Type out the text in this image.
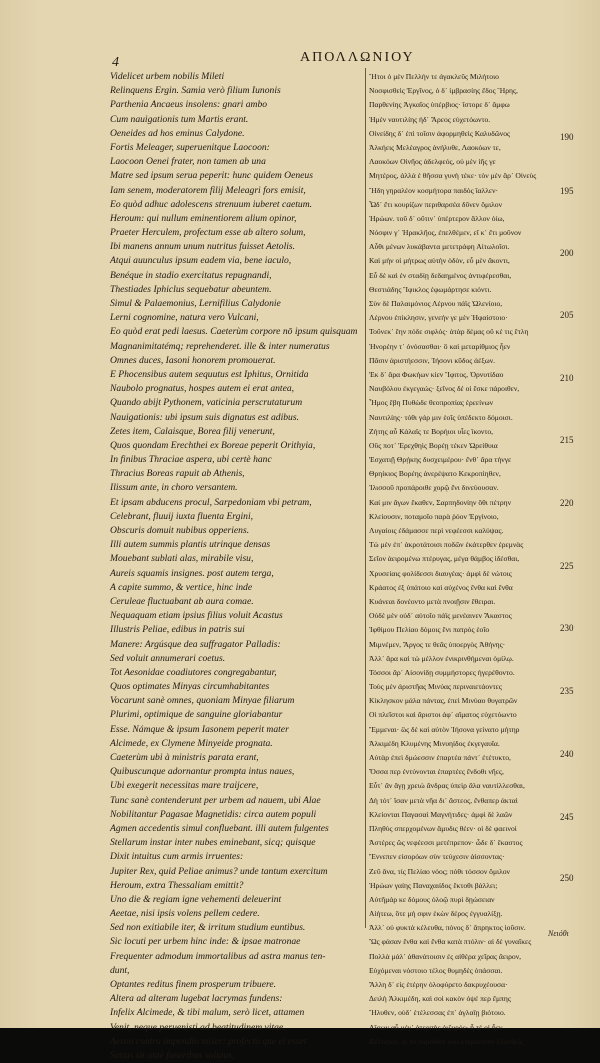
4	ΑΠΟΛΛΩΝΙΟΥ
Videlicet urbem nobilis Mileti
Relinquens Ergin. Samia verò filium Iunonis
Parthenia Ancaeus insolens: gnari ambo
Cum nauigationis tum Martis erant.
Oeneides ad hos eminus Calydone.
Fortis Meleager, superuenitque Laocoon:
Laocoon Oenei frater, non tamen ab una
Matre sed ipsum serua peperit: hunc quidem Oeneus
Iam senem, moderatorem filij Meleagri fors emisit,
Eo quòd adhuc adolescens strenuum iuberet caetum.
Heroum: qui nullum eminentiorem alium opinor,
Praeter Herculem, profectum esse ab altero solum,
Ibi manens annum unum nutritus fuisset Aetolis.
Atqui auunculus ipsum eadem via, bene iaculo,
Benéque in stadio exercitatus repugnandi,
Thestiades Iphiclus sequebatur abeuntem.
Simul & Palaemonius, Lernifilius Calydonie
Lerni cognomine, natura vero Vulcani,
Eo quòd erat pedi laesus. Caeterùm corpore nō ipsum quisquam
Magnanimitatémq; reprehenderet. ille & inter numeratus
Omnes duces, Iasoni honorem promouerat.
E Phocensibus autem sequutus est Iphitus, Ornitida
Naubolo prognatus, hospes autem ei erat antea,
Quando abijt Pythonem, vaticinia perscrutaturum
Nauigationis: ubi ipsum suis dignatus est adibus.
Zetes item, Calaisque, Borea filij venerunt,
Quos quondam Erechthei ex Boreae peperit Orithyia,
In finibus Thraciae aspera, ubi certè hanc
Thracius Boreas rapuit ab Athenis,
Ilissum ante, in choro versantem.
Et ipsam abducens procul, Sarpedoniam vbi petram,
Celebrant, fluuij iuxta fluenta Ergini,
Obscuris domuit nubibus opperiens.
Illi autem summis plantis utrinque densas
Mouebant sublati alas, mirabile visu,
Aureis squamis insignes. post autem terga,
A capite summo, & vertice, hinc inde
Ceruleae fluctuabant ab aura comae.
Nequaquam etiam ipsius filius voluit Acastus
Illustris Peliae, edibus in patris sui
Manere: Argúsque dea suffragator Palladis:
Sed voluit annumerari coetus.
Tot Aesonidae coadiutores congregabantur,
Quos optimates Minyas circumhabitantes
Vocarunt sanè omnes, quoniam Minyae filiarum
Plurimi, optimique de sanguine gloriabantur
Esse. Námque & ipsum Iasonem peperit mater
Alcimede, ex Clymene Minyeide prognata.
Caeterùm ubi à ministris parata erant,
Quibuscunque adornantur prompta intus naues,
Ubi exegerit necessitas mare traijcere,
Tunc sanè contenderunt per urbem ad nauem, ubi Alae
Nobilitantur Pagasae Magnetidis: circa autem populi
Agmen accedentis simul confluebant. illi autem fulgentes
Stellarum instar inter nubes eminebant, sicq; quisque
Dixit intuitus cum armis irruentes:
Jupiter Rex, quid Peliae animus? unde tantum exercitum
Heroum, extra Thessaliam emittit?
Uno die & regiam igne vehementi deleuerint
Aeetae, nisi ipsis volens pellem cedere.
Sed non exitiabile iter, & irritum studium euntibus.
Sic locuti per urbem hinc inde: & ipsae matronae
Frequenter admodum immortalibus ad astra manus ten-
dunt,
Optantes reditus finem prosperum tribuere.
Altera ad alteram lugebat lacrymas fundens:
Infelix Alcimede, & tibi malum, serò licet, attamen
Venit, neque peruenisti ad beatitudinem vitae.
Aeson contra impendio miser: profectò que ei esset
Satius sit antè funeribus solutus,
Ἤτοι ὁ μὲν Πελλήν τε ἀγακλεῦς Μιλήτοιο
Νοσφισθεὶς Ἐργῖνος, ὁ δ᾽ ἱμβρασίης ἕδος Ἥρης,
Παρθενίης Ἀγκαῖος ὑπέρβιος· ἴστορε δ᾽ ἄμφω
Ἠμὲν ναυτιλίης ἠδ᾽ Ἄρεος εὐχετόωντο.
Οἰνείδης δ᾽ ἐπὶ τοῖσιν ἀφορμηθεὶς Καλυδῶνος
Ἀλκήεις Μελέαγρος ἀνήλυθε, Λαοκόων τε,
Λαοκόων Οἰνῆος ἀδελφεός, οὐ μὲν ἰῆς γε
Μητέρος, ἀλλά ἑ θῆσσα γυνὴ τέκε· τὸν μὲν ἄρ᾽ Οἰνεὺς
Ἤδη γηραλέον κοσμήτορα παιδὸς ἴαλλεν·
Ὧδ᾽ ἔτι κουρίζων περιθαρσέα δῦνεν ὅμιλον
Ἡρώων. τοῦ δ᾽ οὔτιν᾽ ὑπέρτερον ἄλλον ὀίω,
Νόσφιν γ᾽ Ἡρακλῆος, ἐπελθέμεν, εἴ κ᾽ ἔτι μοῦνον
Αὖθι μένων λυκάβαντα μετετράφη Αἰτωλοῖσι.
Καὶ μὴν οἱ μήτρως αὐτὴν ὁδὸν, εὖ μὲν ἄκοντι,
Εὖ δὲ καὶ ἐν σταδίῃ δεδαημένος ἀντιφέρεσθαι,
Θεστιάδης Ἴφικλος ἐφωμάρτησε κιόντι.
Σὺν δὲ Παλαιμόνιος Λέρνου πάϊς Ὠλενίοιο,
Λέρνου ἐπίκλησιν, γενεήν γε μὲν Ἡφαίστοιο·
Τοὔνεκ᾽ ἔην πόδε σιφλός· ἀτὰρ δέμας οὔ κέ τις ἔτλη
Ἠνορέην τ᾽ ὀνόσασθαι· ὃ καὶ μεταρίθμιος ἦεν
Πᾶσιν ἀριστήεσσιν, Ἰήσονι κῦδος ἀέξων.
Ἐκ δ᾽ ἄρα Φωκήων κίεν Ἴφιτος, Ὀρνυτίδαο
Ναυβόλου ἐκγεγαώς· ξεῖνος δέ οἱ ἔσκε πάροιθεν,
Ἦμος ἔβη Πυθὼδε θεοπροπίας ἐρεείνων
Ναυτιλίης· τόθι γάρ μιν ἑοῖς ὑπέδεκτο δόμοισι.
Ζήτης αὖ Κάλαΐς τε Βορήιοι υἷες ἵκοντο,
Οὕς ποτ᾽ Ἐρεχθηὶς Βορέῃ τέκεν Ὠρείθυια
Ἐσχατιῇ Θρῄκης δυσχειμέρου· ἔνθ᾽ ἄρα τήνγε
Θρηίκιος Βορέης ἀνερέψατο Κεκροπίηθεν,
Ἰλισσοῦ προπάροιθε χορῷ ἔνι δινεύουσαν.
Καί μιν ἄγων ἕκαθεν, Σαρπηδονίην ὅθι πέτρην
Κλείουσιν, ποταμοῖο παρὰ ῥόον Ἐργίνοιο,
Λυγαίοις ἐδάμασσε περὶ νεφέεσσι καλύψας.
Τὼ μὲν ἐπ᾽ ἀκροτάτοισι ποδῶν ἑκάτερθεν ἐρεμνὰς
Σεῖον ἀειρομένω πτέρυγας, μέγα θάμβος ἰδέσθαι,
Χρυσείαις φολίδεσσι διαυγέας· ἀμφὶ δὲ νώτοις
Κράατος ἐξ ὑπάτοιο καὶ αὐχένος ἔνθα καὶ ἔνθα
Κυάνεαι δονέοντο μετὰ πνοιῇσιν ἔθειραι.
Οὐδὲ μὲν οὐδ᾽ αὐτοῖο πάϊς μενέαινεν Ἄκαστος
Ἰφθίμου Πελίαο δόμοις ἔνι πατρὸς ἑοῖο
Μιμνέμεν, Ἄργος τε θεᾶς ὑποεργὸς Ἀθήνης·
Ἀλλ᾽ ἄρα καὶ τὼ μέλλον ἐνικρινθήμεναι ὁμίλῳ.
Τόσσοι ἄρ᾽ Αἰσονίδῃ συμμήστορες ἠγερέθοντο.
Τοὺς μὲν ἀριστῆας Μινύας περιναιετάοντες
Κίκλησκον μάλα πάντας, ἐπεὶ Μινύαο θυγατρῶν
Οἱ πλεῖστοι καὶ ἄριστοι ἀφ᾽ αἵματος εὐχετόωντο
Ἔμμεναι· ὣς δὲ καὶ αὐτὸν Ἰήσονα γείνατο μήτηρ
Ἀλκιμέδη Κλυμένης Μινυηίδος ἐκγεγαυῖα.
Αὐτὰρ ἐπεὶ δμώεσσιν ἐπαρτέα πάντ᾽ ἐτέτυκτο,
Ὅσσα περ ἐντύνονται ἐπαρτέες ἔνδοθι νῆες,
Εὖτ᾽ ἂν ἄγῃ χρειὼ ἄνδρας ὑπεὶρ ἅλα ναυτίλλεσθαι,
Δὴ τότ᾽ ἴσαν μετὰ νῆα δι᾽ ἄστεος, ἔνθαπερ ἀκταὶ
Κλείονται Παγασαὶ Μαγνήτιδες· ἀμφὶ δὲ λαῶν
Πληθὺς σπερχομένων ἄμυδις θέεν· οἱ δὲ φαεινοὶ
Ἀστέρες ὣς νεφέεσσι μετέπρεπον· ὧδε δ᾽ ἕκαστος
Ἔννεπεν εἰσορόων σὺν τεύχεσιν ἀίσσοντας·
Ζεῦ ἄνα, τίς Πελίαο νόος; πόθι τόσσον ὅμιλον
Ἡρώων γαίης Παναχαιίδος ἔκτοθι βάλλει;
Αὐτῆμάρ κε δόμους ὀλοῷ πυρὶ δῃώσειαν
Αἰήτεω, ὅτε μή σφιν ἑκὼν δέρος ἐγγυαλίξῃ.
Ἀλλ᾽ οὐ φυκτὰ κέλευθα, πόνος δ᾽ ἄπρηκτος ἰοῦσιν.
Ὣς φάσαν ἔνθα καὶ ἔνθα κατὰ πτόλιν· αἱ δὲ γυναῖκες
Πολλὰ μάλ᾽ ἀθανάτοισιν ἐς αἰθέρα χεῖρας ἄειρον,
Εὐχόμεναι νόστοιο τέλος θυμηδὲς ὀπάσσαι.
Ἄλλη δ᾽ εἰς ἑτέρην ὀλοφύρετο δακρυχέουσα·
Δειλὴ Ἀλκιμέδη, καὶ σοὶ κακὸν ὀψέ περ ἔμπης
Ἤλυθεν, οὐδ᾽ ἐτέλεσσας ἐπ᾽ ἀγλαΐῃ βιότοιο.
Αἴσων αὖ μέγ᾽ ἀτερπὴς ὀιζυρός· ἦ τέ οἱ ἦεν
Βέλτερον, εἰ τὸ πάροιθεν ὑπὸ κτερέεσσιν ἐλυσθεὶς
190
195
200
205
210
215
220
225
230
235
240
245
250
Νειόθι
